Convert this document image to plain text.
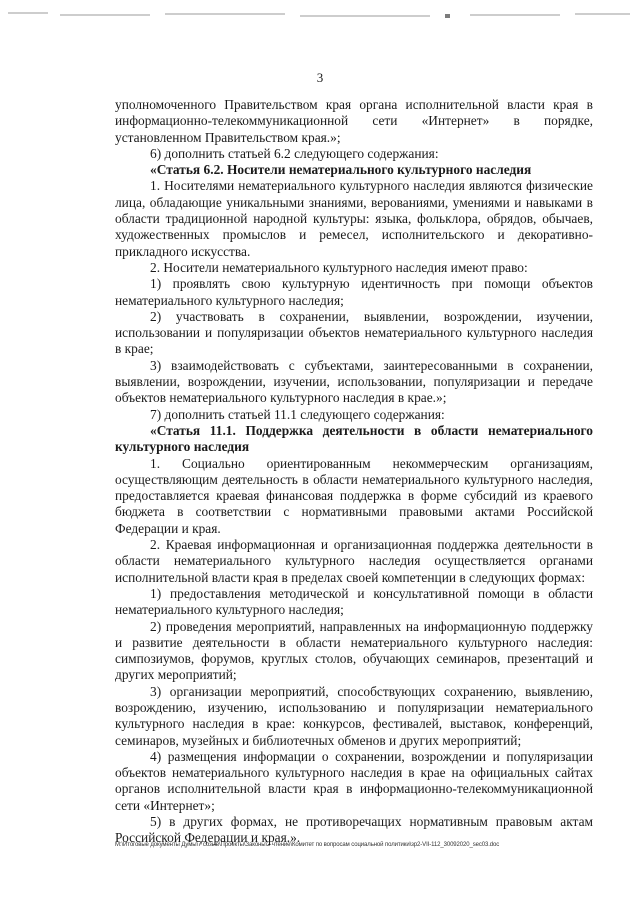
3

уполномоченного Правительством края органа исполнительной власти края в информационно-телекоммуникационной сети «Интернет» в порядке, установленном Правительством края.»;

6) дополнить статьей 6.2 следующего содержания:

«Статья 6.2. Носители нематериального культурного наследия

1. Носителями нематериального культурного наследия являются физические лица, обладающие уникальными знаниями, верованиями, умениями и навыками в области традиционной народной культуры: языка, фольклора, обрядов, обычаев, художественных промыслов и ремесел, исполнительского и декоративно-прикладного искусства.

2. Носители нематериального культурного наследия имеют право:

1) проявлять свою культурную идентичность при помощи объектов нематериального культурного наследия;

2) участвовать в сохранении, выявлении, возрождении, изучении, использовании и популяризации объектов нематериального культурного наследия в крае;

3) взаимодействовать с субъектами, заинтересованными в сохранении, выявлении, возрождении, изучении, использовании, популяризации и передаче объектов нематериального культурного наследия в крае.»;

7) дополнить статьей 11.1 следующего содержания:

«Статья 11.1. Поддержка деятельности в области нематериального культурного наследия

1. Социально ориентированным некоммерческим организациям, осуществляющим деятельность в области нематериального культурного наследия, предоставляется краевая финансовая поддержка в форме субсидий из краевого бюджета в соответствии с нормативными правовыми актами Российской Федерации и края.

2. Краевая информационная и организационная поддержка деятельности в области нематериального культурного наследия осуществляется органами исполнительной власти края в пределах своей компетенции в следующих формах:

1) предоставления методической и консультативной помощи в области нематериального культурного наследия;

2) проведения мероприятий, направленных на информационную поддержку и развитие деятельности в области нематериального культурного наследия: симпозиумов, форумов, круглых столов, обучающих семинаров, презентаций и других мероприятий;

3) организации мероприятий, способствующих сохранению, выявлению, возрождению, изучению, использованию и популяризации нематериального культурного наследия в крае: конкурсов, фестивалей, выставок, конференций, семинаров, музейных и библиотечных обменов и других мероприятий;

4) размещения информации о сохранении, возрождении и популяризации объектов нематериального культурного наследия в крае на официальных сайтах органов исполнительной власти края в информационно-телекоммуникационной сети «Интернет»;

5) в других формах, не противоречащих нормативным правовым актам Российской Федерации и края.».

M:\Итоговые документы Думы\7 созыв\Проекты\Законы\2 чтение\Комитет по вопросам социальной политики\зр2-VII-112_30092020_sec03.doc
